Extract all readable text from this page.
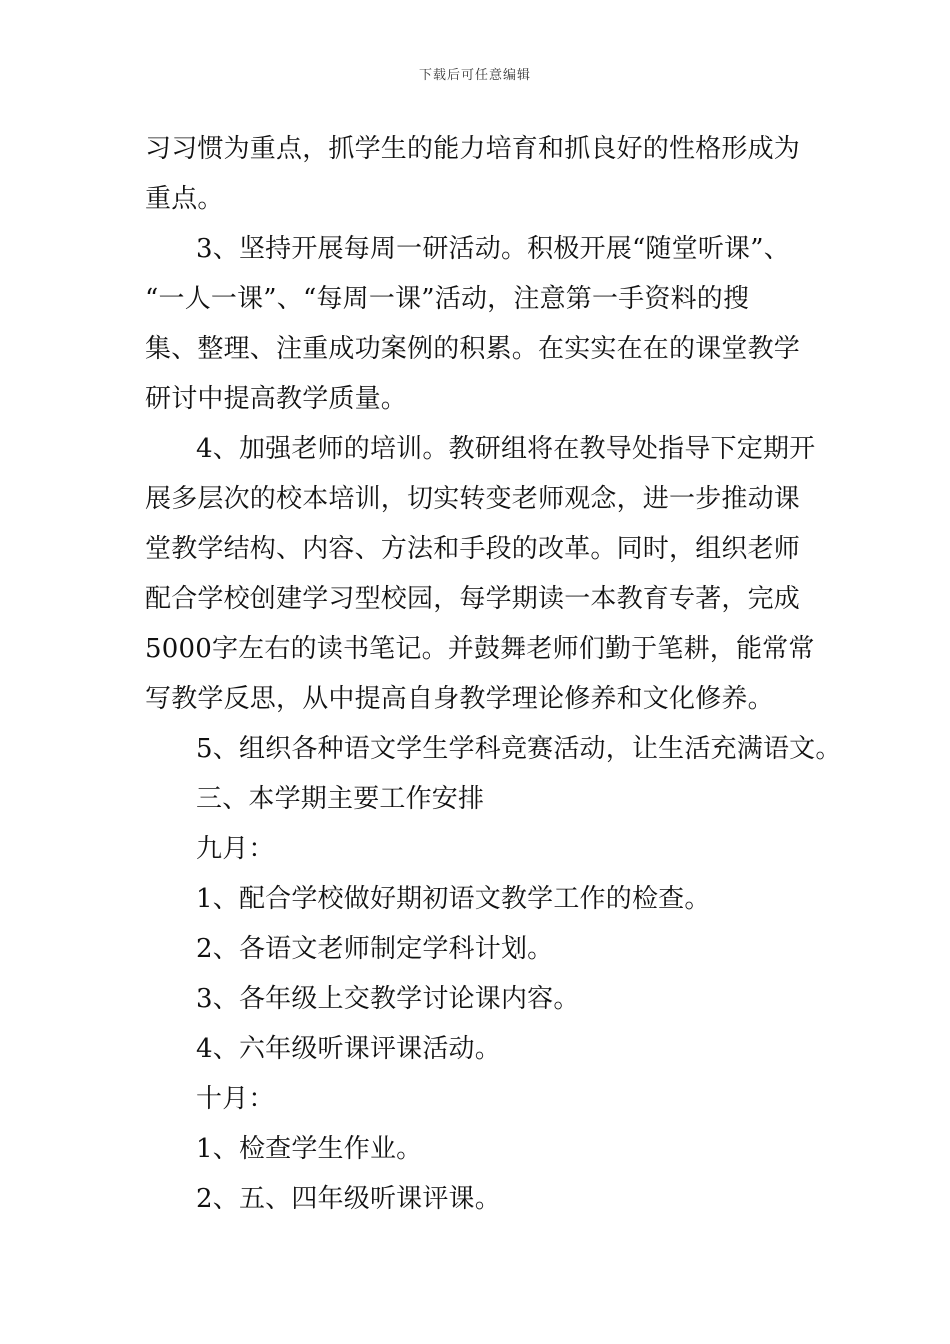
下载后可任意编辑
习习惯为重点，抓学生的能力培育和抓良好的性格形成为
重点。
3、坚持开展每周一研活动。积极开展“随堂听课”、
“一人一课”、“每周一课”活动，注意第一手资料的搜
集、整理、注重成功案例的积累。在实实在在的课堂教学
研讨中提高教学质量。
4、加强老师的培训。教研组将在教导处指导下定期开
展多层次的校本培训，切实转变老师观念，进一步推动课
堂教学结构、内容、方法和手段的改革。同时，组织老师
配合学校创建学习型校园，每学期读一本教育专著，完成
5000字左右的读书笔记。并鼓舞老师们勤于笔耕，能常常
写教学反思，从中提高自身教学理论修养和文化修养。
5、组织各种语文学生学科竞赛活动，让生活充满语文。
三、本学期主要工作安排
九月：
1、配合学校做好期初语文教学工作的检查。
2、各语文老师制定学科计划。
3、各年级上交教学讨论课内容。
4、六年级听课评课活动。
十月：
1、检查学生作业。
2、五、四年级听课评课。
